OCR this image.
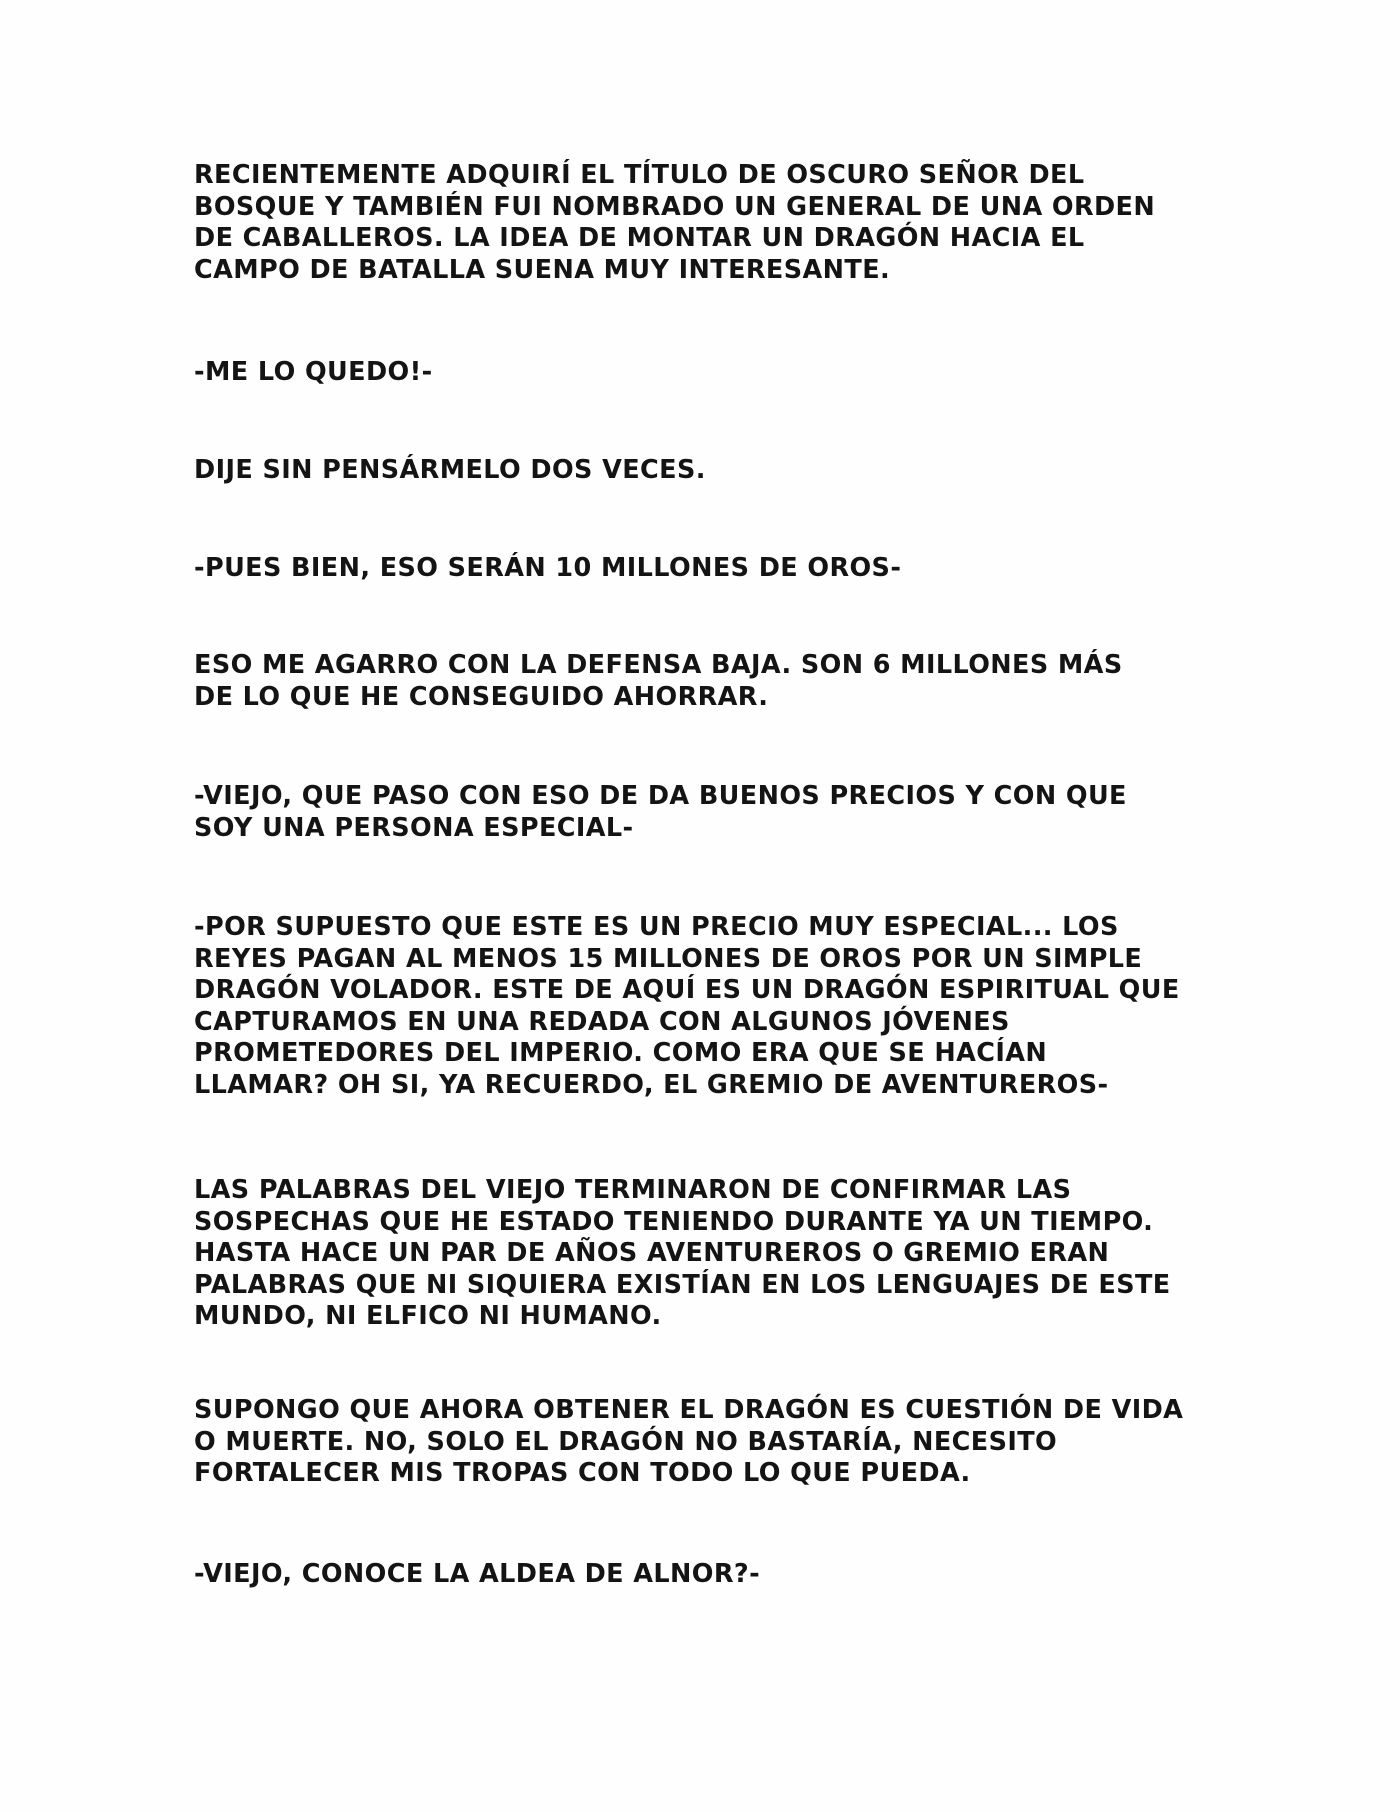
RECIENTEMENTE ADQUIRÍ EL TÍTULO DE OSCURO SEÑOR DEL
BOSQUE Y TAMBIÉN FUI NOMBRADO UN GENERAL DE UNA ORDEN
DE CABALLEROS. LA IDEA DE MONTAR UN DRAGÓN HACIA EL
CAMPO DE BATALLA SUENA MUY INTERESANTE.

-ME LO QUEDO!-

DIJE SIN PENSÁRMELO DOS VECES.

-PUES BIEN, ESO SERÁN 10 MILLONES DE OROS-

ESO ME AGARRO CON LA DEFENSA BAJA. SON 6 MILLONES MÁS
DE LO QUE HE CONSEGUIDO AHORRAR.

-VIEJO, QUE PASO CON ESO DE DA BUENOS PRECIOS Y CON QUE
SOY UNA PERSONA ESPECIAL-

-POR SUPUESTO QUE ESTE ES UN PRECIO MUY ESPECIAL... LOS
REYES PAGAN AL MENOS 15 MILLONES DE OROS POR UN SIMPLE
DRAGÓN VOLADOR. ESTE DE AQUÍ ES UN DRAGÓN ESPIRITUAL QUE
CAPTURAMOS EN UNA REDADA CON ALGUNOS JÓVENES
PROMETEDORES DEL IMPERIO. COMO ERA QUE SE HACÍAN
LLAMAR? OH SI, YA RECUERDO, EL GREMIO DE AVENTUREROS-

LAS PALABRAS DEL VIEJO TERMINARON DE CONFIRMAR LAS
SOSPECHAS QUE HE ESTADO TENIENDO DURANTE YA UN TIEMPO.
HASTA HACE UN PAR DE AÑOS AVENTUREROS O GREMIO ERAN
PALABRAS QUE NI SIQUIERA EXISTÍAN EN LOS LENGUAJES DE ESTE
MUNDO, NI ELFICO NI HUMANO.

SUPONGO QUE AHORA OBTENER EL DRAGÓN ES CUESTIÓN DE VIDA
O MUERTE. NO, SOLO EL DRAGÓN NO BASTARÍA, NECESITO
FORTALECER MIS TROPAS CON TODO LO QUE PUEDA.

-VIEJO, CONOCE LA ALDEA DE ALNOR?-
